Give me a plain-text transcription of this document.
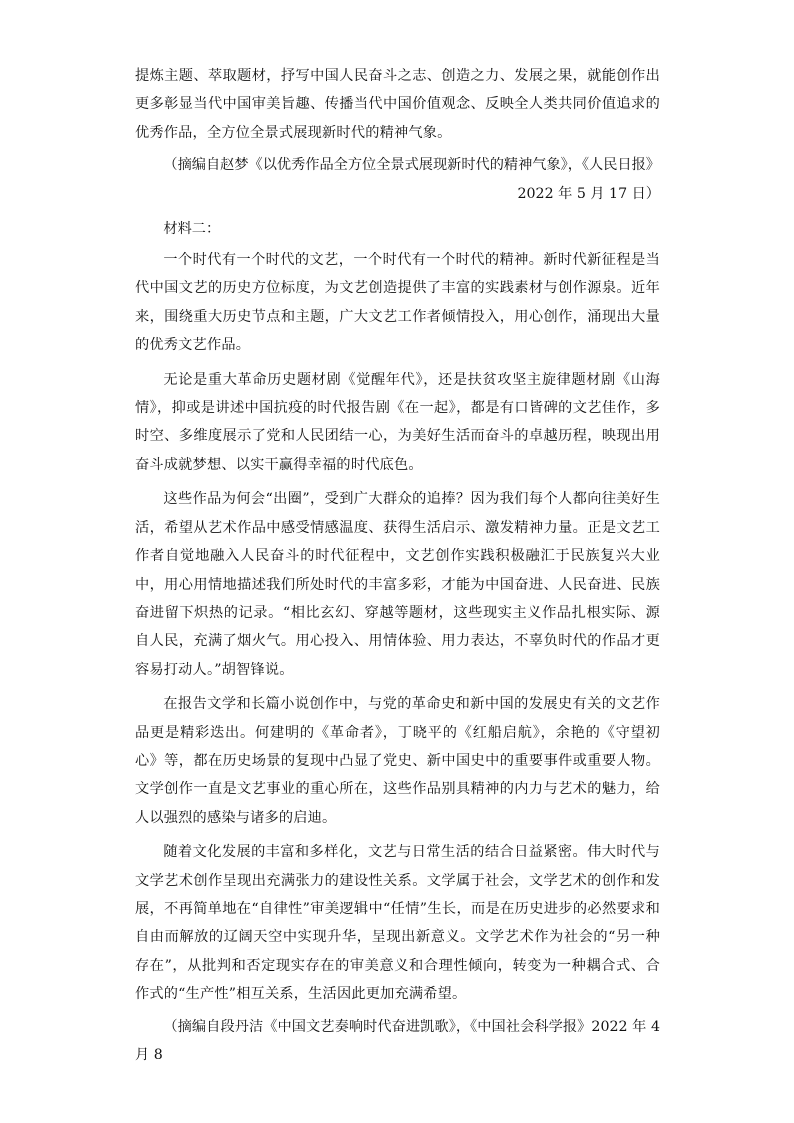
提炼主题、萃取题材，抒写中国人民奋斗之志、创造之力、发展之果，就能创作出更多彰显当代中国审美旨趣、传播当代中国价值观念、反映全人类共同价值追求的优秀作品，全方位全景式展现新时代的精神气象。

（摘编自赵梦《以优秀作品全方位全景式展现新时代的精神气象》，《人民日报》

2022 年 5 月 17 日）

材料二：

一个时代有一个时代的文艺，一个时代有一个时代的精神。新时代新征程是当代中国文艺的历史方位标度，为文艺创造提供了丰富的实践素材与创作源泉。近年来，围绕重大历史节点和主题，广大文艺工作者倾情投入，用心创作，涌现出大量的优秀文艺作品。

无论是重大革命历史题材剧《觉醒年代》，还是扶贫攻坚主旋律题材剧《山海情》，抑或是讲述中国抗疫的时代报告剧《在一起》，都是有口皆碑的文艺佳作，多时空、多维度展示了党和人民团结一心，为美好生活而奋斗的卓越历程，映现出用奋斗成就梦想、以实干赢得幸福的时代底色。

这些作品为何会“出圈”，受到广大群众的追捧？因为我们每个人都向往美好生活，希望从艺术作品中感受情感温度、获得生活启示、激发精神力量。正是文艺工作者自觉地融入人民奋斗的时代征程中，文艺创作实践积极融汇于民族复兴大业中，用心用情地描述我们所处时代的丰富多彩，才能为中国奋进、人民奋进、民族奋进留下炽热的记录。“相比玄幻、穿越等题材，这些现实主义作品扎根实际、源自人民，充满了烟火气。用心投入、用情体验、用力表达，不辜负时代的作品才更容易打动人。”胡智锋说。

在报告文学和长篇小说创作中，与党的革命史和新中国的发展史有关的文艺作品更是精彩迭出。何建明的《革命者》，丁晓平的《红船启航》，余艳的《守望初心》等，都在历史场景的复现中凸显了党史、新中国史中的重要事件或重要人物。文学创作一直是文艺事业的重心所在，这些作品别具精神的内力与艺术的魅力，给人以强烈的感染与诸多的启迪。

随着文化发展的丰富和多样化，文艺与日常生活的结合日益紧密。伟大时代与文学艺术创作呈现出充满张力的建设性关系。文学属于社会，文学艺术的创作和发展，不再简单地在“自律性”审美逻辑中“任情”生长，而是在历史进步的必然要求和自由而解放的辽阔天空中实现升华，呈现出新意义。文学艺术作为社会的“另一种存在”，从批判和否定现实存在的审美意义和合理性倾向，转变为一种耦合式、合作式的“生产性”相互关系，生活因此更加充满希望。

（摘编自段丹洁《中国文艺奏响时代奋进凯歌》，《中国社会科学报》2022 年 4 月 8
